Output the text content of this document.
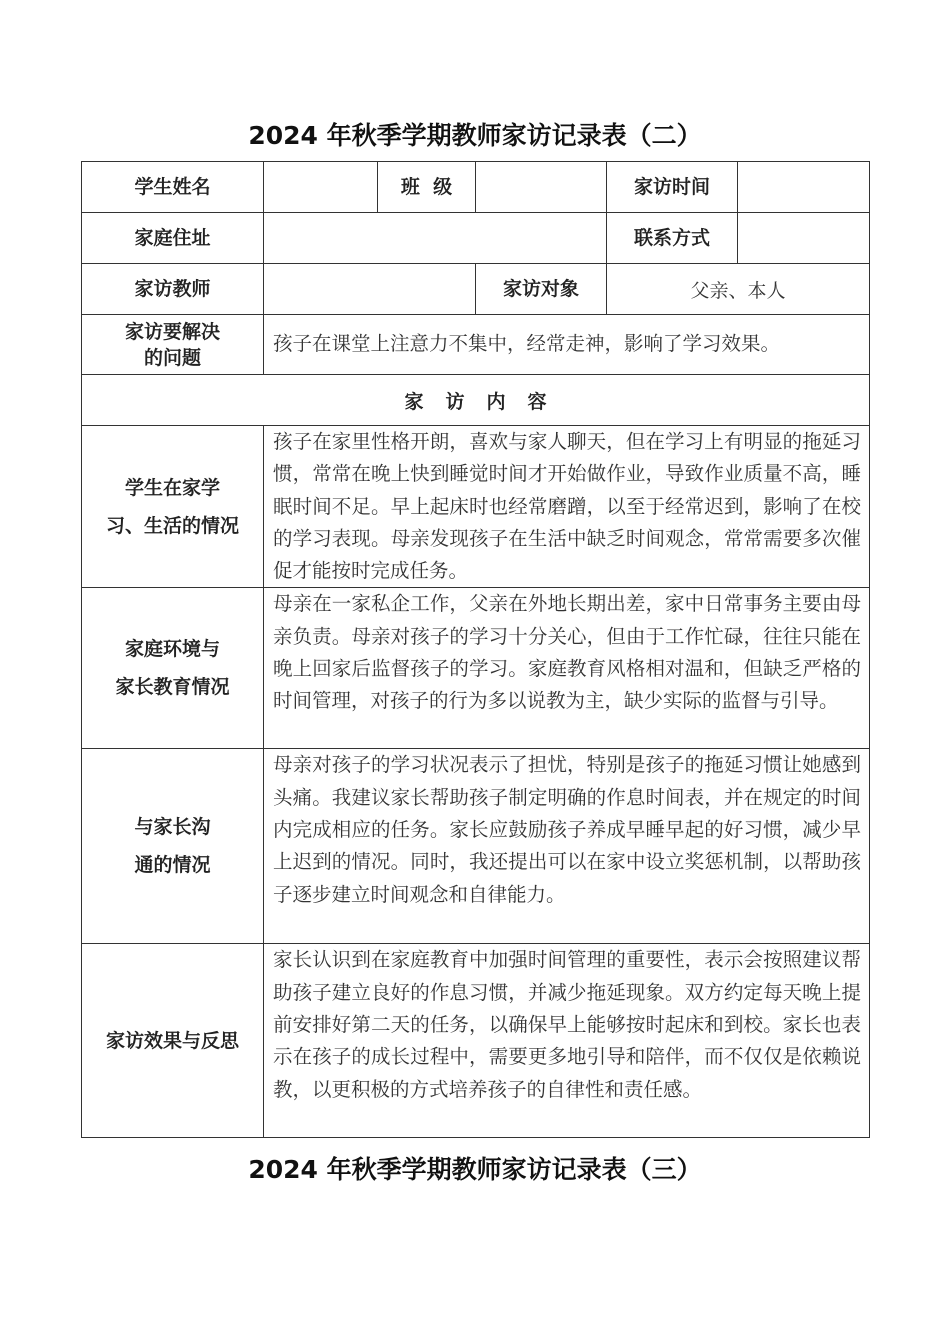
2024 年秋季学期教师家访记录表（二）
学生姓名		班  级		家访时间	
家庭住址				联系方式	
家访教师			家访对象	父亲、本人	

家访要解决
的问题	孩子在课堂上注意力不集中，经常走神，影响了学习效果。				
家访内容					

学生在家学
习、生活的情况	孩子在家里性格开朗，喜欢与家人聊天，但在学习上有明显的拖延习惯，常常在晚上快到睡觉时间才开始做作业，导致作业质量不高，睡眠时间不足。早上起床时也经常磨蹭，以至于经常迟到，影响了在校的学习表现。母亲发现孩子在生活中缺乏时间观念，常常需要多次催促才能按时完成任务。				

家庭环境与
家长教育情况	母亲在一家私企工作，父亲在外地长期出差，家中日常事务主要由母亲负责。母亲对孩子的学习十分关心，但由于工作忙碌，往往只能在晚上回家后监督孩子的学习。家庭教育风格相对温和，但缺乏严格的时间管理，对孩子的行为多以说教为主，缺少实际的监督与引导。				

与家长沟
通的情况	母亲对孩子的学习状况表示了担忧，特别是孩子的拖延习惯让她感到头痛。我建议家长帮助孩子制定明确的作息时间表，并在规定的时间内完成相应的任务。家长应鼓励孩子养成早睡早起的好习惯，减少早上迟到的情况。同时，我还提出可以在家中设立奖惩机制，以帮助孩子逐步建立时间观念和自律能力。				
家访效果与反思	家长认识到在家庭教育中加强时间管理的重要性，表示会按照建议帮助孩子建立良好的作息习惯，并减少拖延现象。双方约定每天晚上提前安排好第二天的任务，以确保早上能够按时起床和到校。家长也表示在孩子的成长过程中，需要更多地引导和陪伴，而不仅仅是依赖说教，以更积极的方式培养孩子的自律性和责任感。				
2024 年秋季学期教师家访记录表（三）
